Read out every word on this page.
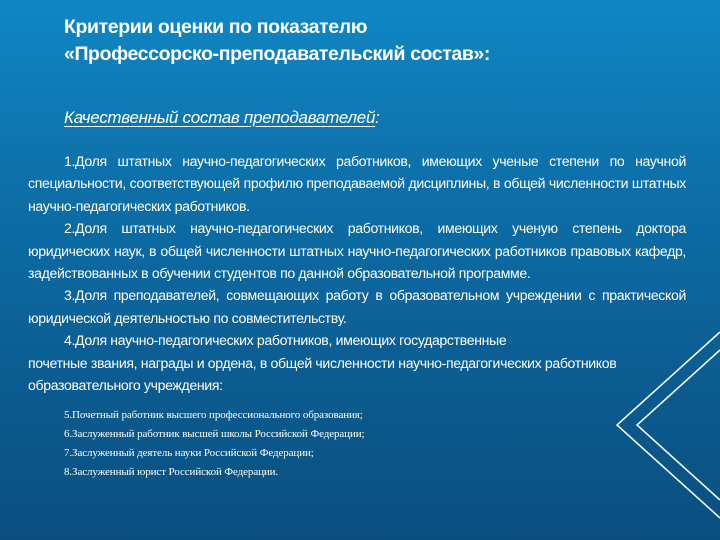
Критерии оценки по показателю
«Профессорско-преподавательский состав»:
Качественный состав преподавателей:

1.Доля штатных научно-педагогических работников, имеющих ученые степени по научной специальности, соответствующей профилю преподаваемой дисциплины, в общей численности штатных научно-педагогических работников.

2.Доля штатных научно-педагогических работников, имеющих ученую степень доктора юридических наук, в общей численности штатных научно-педагогических работников правовых кафедр, задействованных в обучении студентов по данной образовательной программе.

3.Доля преподавателей, совмещающих работу в образовательном учреждении с практической юридической деятельностью по совместительству.

4.Доля научно-педагогических работников, имеющих государственные

почетные звания, награды и ордена, в общей численности научно-педагогических работников образовательного учреждения:

5.Почетный работник высшего профессионального образования;
6.Заслуженный работник высшей школы Российской Федерации;
7.Заслуженный деятель науки Российской Федерации;
8.Заслуженный юрист Российской Федерации.
